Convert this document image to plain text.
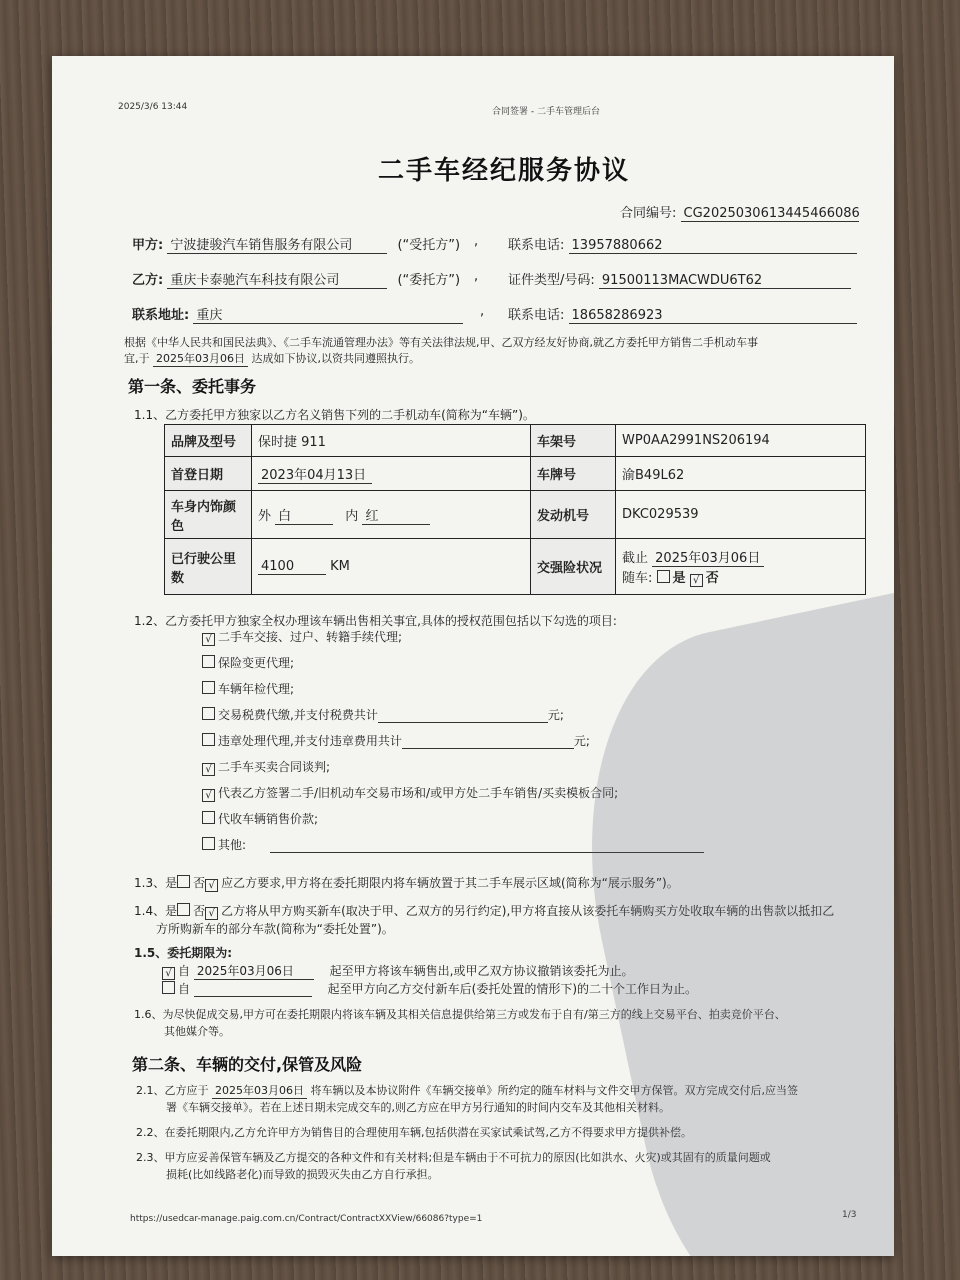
2025/3/6 13:44	合同签署 - 二手车管理后台
二手车经纪服务协议
合同编号: CG2025030613445466086
甲方: 宁波捷骏汽车销售服务有限公司	(“受托方”) , 联系电话: 13957880662
乙方: 重庆卡泰驰汽车科技有限公司	(“委托方”) , 证件类型/号码: 91500113MACWDU6T62
联系地址: 重庆	, 联系电话: 18658286923
根据《中华人民共和国民法典》、《二手车流通管理办法》等有关法律法规,甲、乙双方经友好协商,就乙方委托甲方销售二手机动车事
宜,于 2025年03月06日 达成如下协议,以资共同遵照执行。
第一条、委托事务
1.1、乙方委托甲方独家以乙方名义销售下列的二手机动车(简称为“车辆”)。
品牌及型号	保时捷 911	车架号	WP0AA2991NS206194
首登日期	2023年04月13日	车牌号	渝B49L62
车身内饰颜色	外 白 内 红	发动机号	DKC029539
已行驶公里数	4100 KM	交强险状况	截止 2025年03月06日
随车: 是 √ 否
1.2、乙方委托甲方独家全权办理该车辆出售相关事宜,具体的授权范围包括以下勾选的项目:
√ 二手车交接、过户、转籍手续代理;
保险变更代理;
车辆年检代理;
交易税费代缴,并支付税费共计	元;
违章处理代理,并支付违章费用共计	元;
√ 二手车买卖合同谈判;
√ 代表乙方签署二手/旧机动车交易市场和/或甲方处二手车销售/买卖模板合同;
代收车辆销售价款;
其他:
1.3、是 否 √ 应乙方要求,甲方将在委托期限内将车辆放置于其二手车展示区域(简称为“展示服务”)。
1.4、是 否 √ 乙方将从甲方购买新车(取决于甲、乙双方的另行约定),甲方将直接从该委托车辆购买方处收取车辆的出售款以抵扣乙
方所购新车的部分车款(简称为“委托处置”)。
1.5、委托期限为:
√ 自 2025年03月06日	起至甲方将该车辆售出,或甲乙双方协议撤销该委托为止。
自	起至甲方向乙方交付新车后(委托处置的情形下)的二十个工作日为止。
1.6、为尽快促成交易,甲方可在委托期限内将该车辆及其相关信息提供给第三方或发布于自有/第三方的线上交易平台、拍卖竞价平台、
其他媒介等。
第二条、车辆的交付,保管及风险
2.1、乙方应于 2025年03月06日 将车辆以及本协议附件《车辆交接单》所约定的随车材料与文件交甲方保管。双方完成交付后,应当签
署《车辆交接单》。若在上述日期未完成交车的,则乙方应在甲方另行通知的时间内交车及其他相关材料。
2.2、在委托期限内,乙方允许甲方为销售目的合理使用车辆,包括供潜在买家试乘试驾,乙方不得要求甲方提供补偿。
2.3、甲方应妥善保管车辆及乙方提交的各种文件和有关材料;但是车辆由于不可抗力的原因(比如洪水、火灾)或其固有的质量问题或
损耗(比如线路老化)而导致的损毁灭失由乙方自行承担。
https://usedcar-manage.paig.com.cn/Contract/ContractXXView/66086?type=1	1/3
